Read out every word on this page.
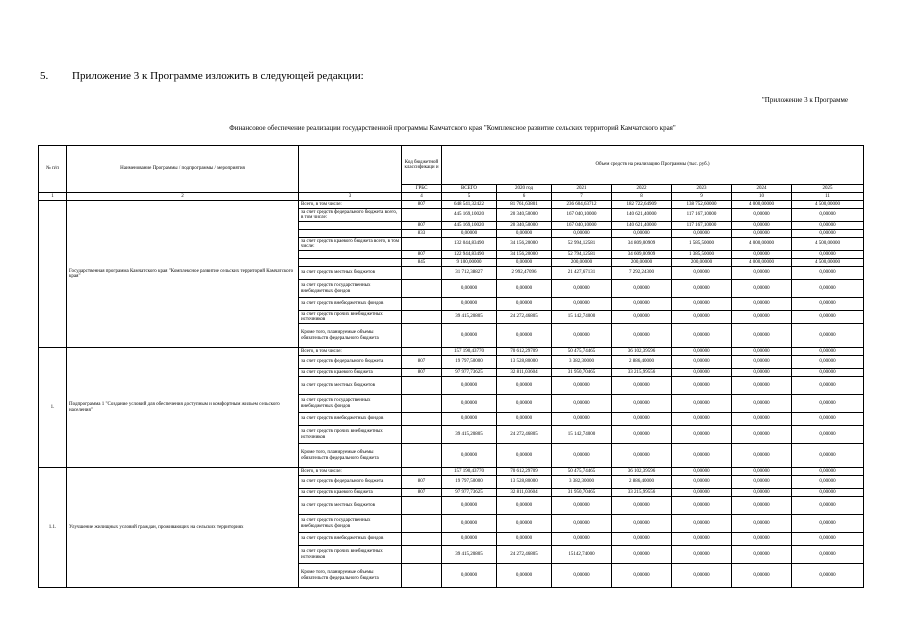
5. Приложение 3 к Программе изложить в следующей редакции:
"Приложение 3 к Программе
Финансовое обеспечение реализации государственной программы Камчатского края "Комплексное развитие сельских территорий Камчатского края"
№ п/п	Наименование Программы / подпрограммы / мероприятия		Код бюджетной классификаци и	Объем средств на реализацию Программы (тыс. руб.)						
			ГРБС	ВСЕГО	2020 год	2021	2022	2023	2024	2025
1	2	3	4	5	6	7	8	9	10	11
	Государственная программа Камчатского края "Комплексное развитие сельских территорий Камчатского края"	Всего, в том числе:	807	648 541,32422	81 761,63801	236 604,63712	182 722,64909	138 752,60000	4 000,00000	4 500,00000
		за счет средств федерального бюджета всего, в том числе:		445 169,10020	20 340,50000	167 040,10000	140 621,40000	117 167,10000	0,00000	0,00000
			807	445 169,10020	20 340,50000	167 040,10000	140 621,40000	117 167,10000	0,00000	0,00000
			833	0,00000	0,00000	0,00000	0,00000	0,00000	0,00000	0,00000
		за счет средств краевого бюджета всего, в том числе:		132 044,83490	34 156,20000	52 994,12581	34 809,00909	1 585,50000	4 000,00000	4 500,00000
			807	122 944,83490	34 156,20000	52 794,12581	34 609,00909	1 385,50000	0,00000	0,00000
			845	9 100,00000	0,00000	200,00000	200,00000	200,00000	4 000,00000	4 500,00000
		за счет средств местных бюджетов		31 712,38827	2 992,47096	21 427,67131	7 292,24300	0,00000	0,00000	0,00000
		за счет средств государственных внебюджетных фондов		0,00000	0,00000	0,00000	0,00000	0,00000	0,00000	0,00000
		за счет средств внебюджетных фондов		0,00000	0,00000	0,00000	0,00000	0,00000	0,00000	0,00000
		за счет средств прочих внебюджетных источников		39 415,20805	24 272,46805	15 142,74000	0,00000	0,00000	0,00000	0,00000
		Кроме того, планируемые объемы обязательств федерального бюджета		0,00000	0,00000	0,00000	0,00000	0,00000	0,00000	0,00000
1.	Подпрограмма 1 "Создание условий для обеспечения доступным и комфортным жильем сельского населения"	Всего, в том числе:		157 190,43770	70 612,29709	50 475,74465	36 102,39596	0,00000	0,00000	0,00000
		за счет средств федерального бюджета	807	19 797,50000	13 528,80000	3 382,30000	2 886,40000	0,00000	0,00000	0,00000
		за счет средств краевого бюджета	807	97 977,73625	32 811,03604	31 950,70465	33 215,99556	0,00000	0,00000	0,00000
		за счет средств местных бюджетов		0,00000	0,00000	0,00000	0,00000	0,00000	0,00000	0,00000
		за счет средств государственных внебюджетных фондов		0,00000	0,00000	0,00000	0,00000	0,00000	0,00000	0,00000
		за счет средств внебюджетных фондов		0,00000	0,00000	0,00000	0,00000	0,00000	0,00000	0,00000
		за счет средств прочих внебюджетных источников		39 415,20805	24 272,46805	15 142,74000	0,00000	0,00000	0,00000	0,00000
		Кроме того, планируемые объемы обязательств федерального бюджета		0,00000	0,00000	0,00000	0,00000	0,00000	0,00000	0,00000
1.1.	Улучшение жилищных условий граждан, проживающих на сельских территориях	Всего, в том числе:		157 190,43770	70 612,29709	50 475,74465	36 102,39596	0,00000	0,00000	0,00000
		за счет средств федерального бюджета	807	19 797,50000	13 528,80000	3 382,30000	2 886,40000	0,00000	0,00000	0,00000
		за счет средств краевого бюджета	807	97 977,73625	32 811,03604	31 950,70465	33 215,99556	0,00000	0,00000	0,00000
		за счет средств местных бюджетов		0,00000	0,00000	0,00000	0,00000	0,00000	0,00000	0,00000
		за счет средств государственных внебюджетных фондов		0,00000	0,00000	0,00000	0,00000	0,00000	0,00000	0,00000
		за счет средств внебюджетных фондов		0,00000	0,00000	0,00000	0,00000	0,00000	0,00000	0,00000
		за счет средств прочих внебюджетных источников		39 415,20805	24 272,46805	15142,74000	0,00000	0,00000	0,00000	0,00000
		Кроме того, планируемые объемы обязательств федерального бюджета		0,00000	0,00000	0,00000	0,00000	0,00000	0,00000	0,00000
